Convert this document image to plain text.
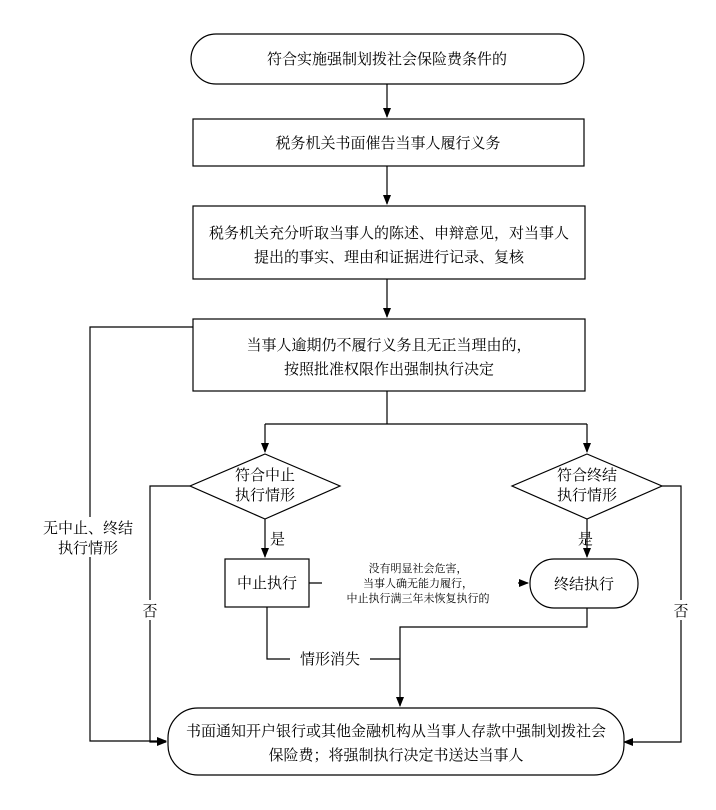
符合实施强制划拨社会保险费条件的
税务机关书面催告当事人履行义务
税务机关充分听取当事人的陈述、申辩意见，对当事人
提出的事实、理由和证据进行记录、复核
当事人逾期仍不履行义务且无正当理由的，
按照批准权限作出强制执行决定
无中止、终结
执行情形
符合中止
执行情形
符合终结
执行情形
是	是
否	否
中止执行	终结执行
没有明显社会危害，
当事人确无能力履行，
中止执行满三年未恢复执行的
情形消失
书面通知开户银行或其他金融机构从当事人存款中强制划拨社会
保险费；将强制执行决定书送达当事人
